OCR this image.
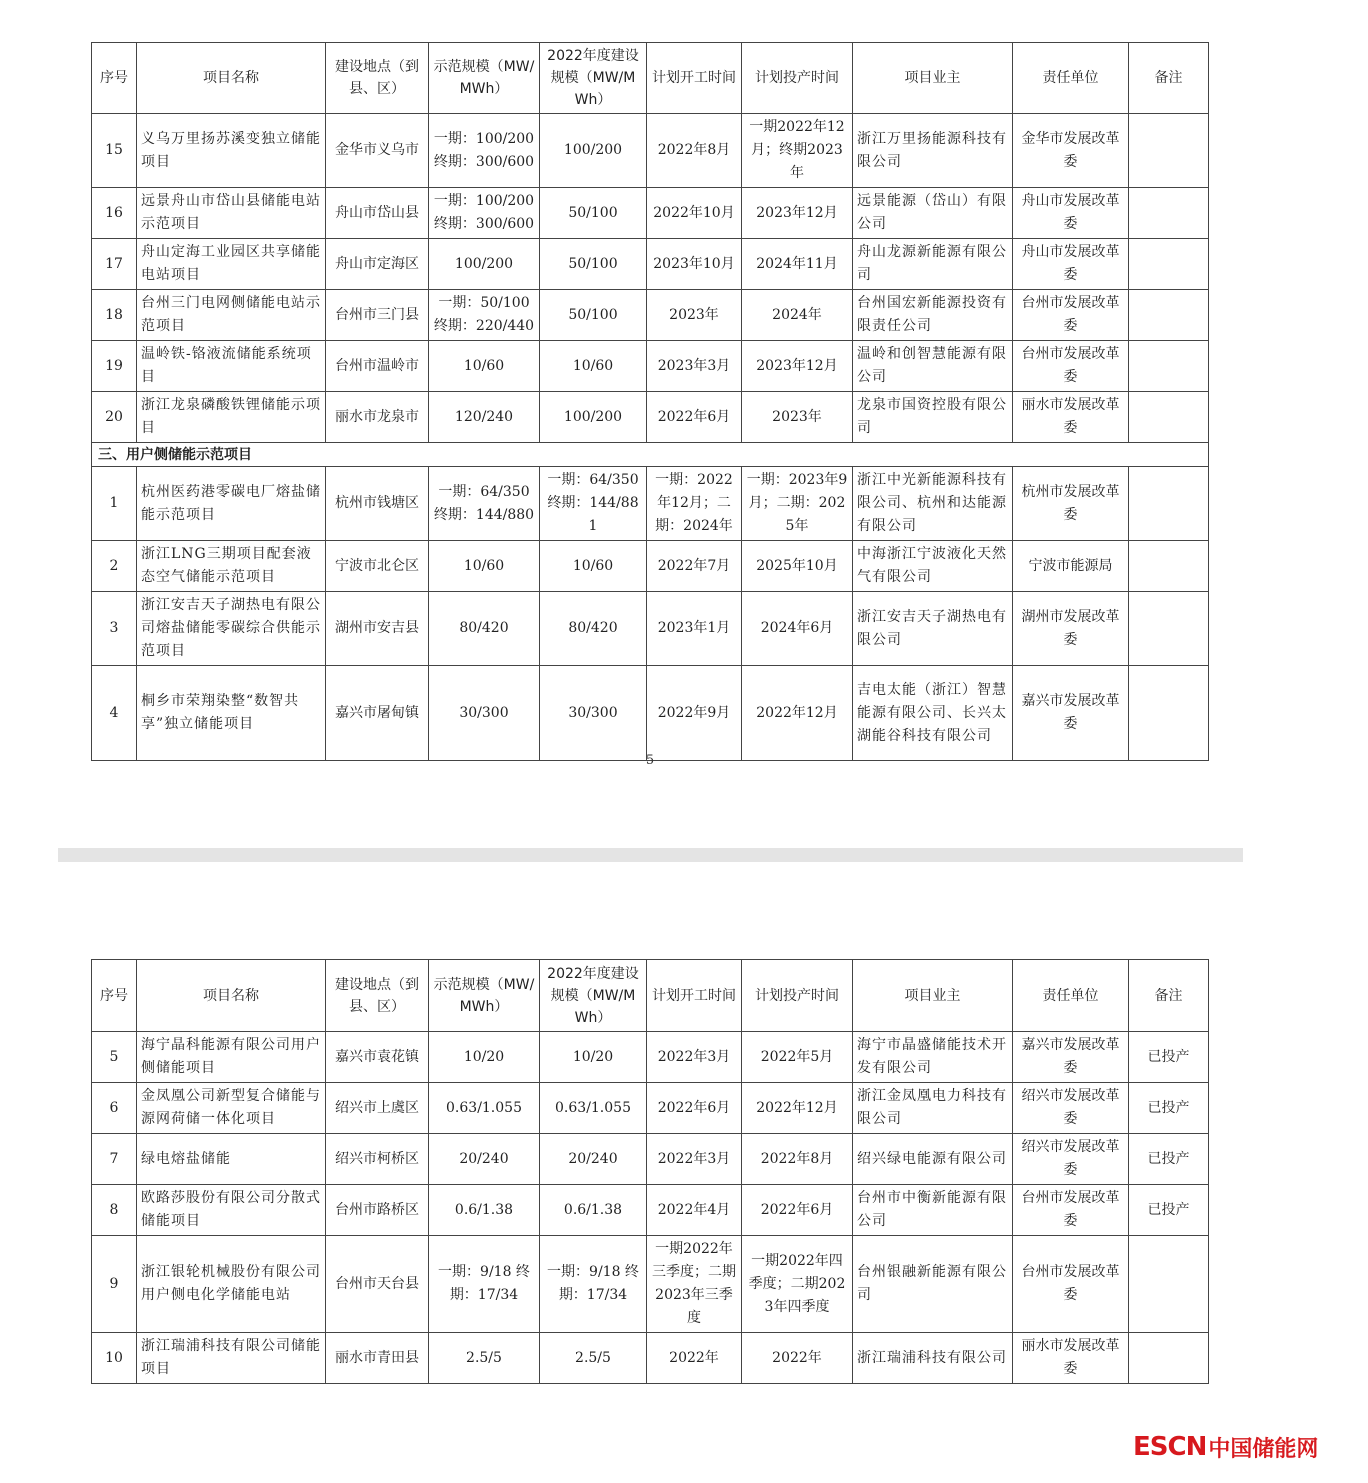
序号	项目名称	建设地点（到县、区）	示范规模（MW/MWh）	2022年度建设规模（MW/MWh）	计划开工时间	计划投产时间	项目业主	责任单位	备注
15	义乌万里扬苏溪变独立储能项目	金华市义乌市	一期：100/200 终期：300/600	100/200	2022年8月	一期2022年12月；终期2023年	浙江万里扬能源科技有限公司	金华市发展改革委	
16	远景舟山市岱山县储能电站示范项目	舟山市岱山县	一期：100/200 终期：300/600	50/100	2022年10月	2023年12月	远景能源（岱山）有限公司	舟山市发展改革委	
17	舟山定海工业园区共享储能电站项目	舟山市定海区	100/200	50/100	2023年10月	2024年11月	舟山龙源新能源有限公司	舟山市发展改革委	
18	台州三门电网侧储能电站示范项目	台州市三门县	一期：50/100 终期：220/440	50/100	2023年	2024年	台州国宏新能源投资有限责任公司	台州市发展改革委	
19	温岭铁-铬液流储能系统项目	台州市温岭市	10/60	10/60	2023年3月	2023年12月	温岭和创智慧能源有限公司	台州市发展改革委	
20	浙江龙泉磷酸铁锂储能示项目	丽水市龙泉市	120/240	100/200	2022年6月	2023年	龙泉市国资控股有限公司	丽水市发展改革委	
三、用户侧储能示范项目									
1	杭州医药港零碳电厂熔盐储能示范项目	杭州市钱塘区	一期：64/350 终期：144/880	一期：64/350 终期：144/881	一期：2022年12月；二期：2024年	一期：2023年9月；二期：2025年	浙江中光新能源科技有限公司、杭州和达能源有限公司	杭州市发展改革委	
2	浙江LNG三期项目配套液态空气储能示范项目	宁波市北仑区	10/60	10/60	2022年7月	2025年10月	中海浙江宁波液化天然气有限公司	宁波市能源局	
3	浙江安吉天子湖热电有限公司熔盐储能零碳综合供能示范项目	湖州市安吉县	80/420	80/420	2023年1月	2024年6月	浙江安吉天子湖热电有限公司	湖州市发展改革委	
4	桐乡市荣翔染整“数智共享”独立储能项目	嘉兴市屠甸镇	30/300	30/300	2022年9月	2022年12月	吉电太能（浙江）智慧能源有限公司、长兴太湖能谷科技有限公司	嘉兴市发展改革委	
5
序号	项目名称	建设地点（到县、区）	示范规模（MW/MWh）	2022年度建设规模（MW/MWh）	计划开工时间	计划投产时间	项目业主	责任单位	备注
5	海宁晶科能源有限公司用户侧储能项目	嘉兴市袁花镇	10/20	10/20	2022年3月	2022年5月	海宁市晶盛储能技术开发有限公司	嘉兴市发展改革委	已投产
6	金凤凰公司新型复合储能与源网荷储一体化项目	绍兴市上虞区	0.63/1.055	0.63/1.055	2022年6月	2022年12月	浙江金凤凰电力科技有限公司	绍兴市发展改革委	已投产
7	绿电熔盐储能	绍兴市柯桥区	20/240	20/240	2022年3月	2022年8月	绍兴绿电能源有限公司	绍兴市发展改革委	已投产
8	欧路莎股份有限公司分散式储能项目	台州市路桥区	0.6/1.38	0.6/1.38	2022年4月	2022年6月	台州市中衡新能源有限公司	台州市发展改革委	已投产
9	浙江银轮机械股份有限公司用户侧电化学储能电站	台州市天台县	一期：9/18 终期：17/34	一期：9/18 终期：17/34	一期2022年三季度；二期2023年三季度	一期2022年四季度；二期2023年四季度	台州银融新能源有限公司	台州市发展改革委	
10	浙江瑞浦科技有限公司储能项目	丽水市青田县	2.5/5	2.5/5	2022年	2022年	浙江瑞浦科技有限公司	丽水市发展改革委	
ESCN 中国储能网
